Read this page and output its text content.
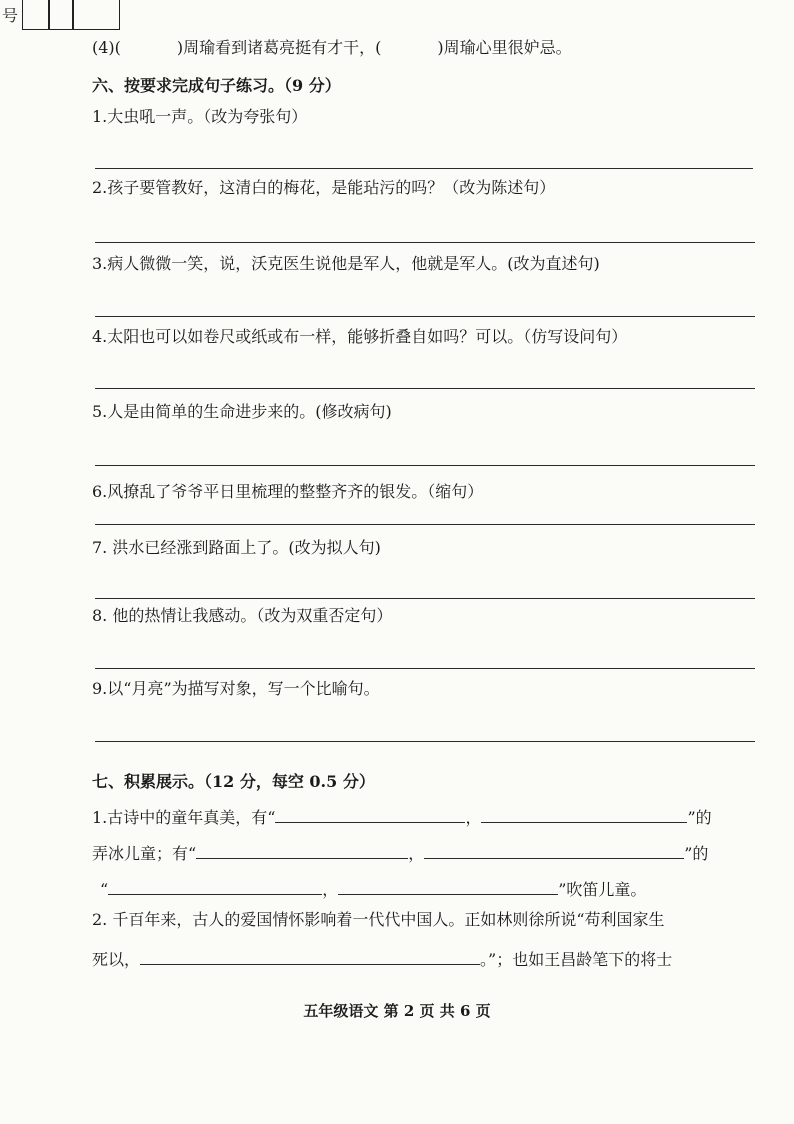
号
(4)(	)周瑜看到诸葛亮挺有才干，(	)周瑜心里很妒忌。
六、按要求完成句子练习。（9 分）
1.大虫吼一声。（改为夸张句）
2.孩子要管教好，这清白的梅花，是能玷污的吗？（改为陈述句）
3.病人微微一笑，说，沃克医生说他是军人，他就是军人。(改为直述句)
4.太阳也可以如卷尺或纸或布一样，能够折叠自如吗？可以。（仿写设问句）
5.人是由简单的生命进步来的。(修改病句)
6.风撩乱了爷爷平日里梳理的整整齐齐的银发。（缩句）
7. 洪水已经涨到路面上了。(改为拟人句)
8. 他的热情让我感动。（改为双重否定句）
9.以“月亮”为描写对象，写一个比喻句。
七、积累展示。（12 分，每空 0.5 分）
1.古诗中的童年真美，有“	，	”的
弄冰儿童；有“	，	”的
“	，	”吹笛儿童。
2. 千百年来，古人的爱国情怀影响着一代代中国人。正如林则徐所说“苟利国家生
死以，	。”；也如王昌龄笔下的将士
五年级语文 第 2 页 共 6 页
